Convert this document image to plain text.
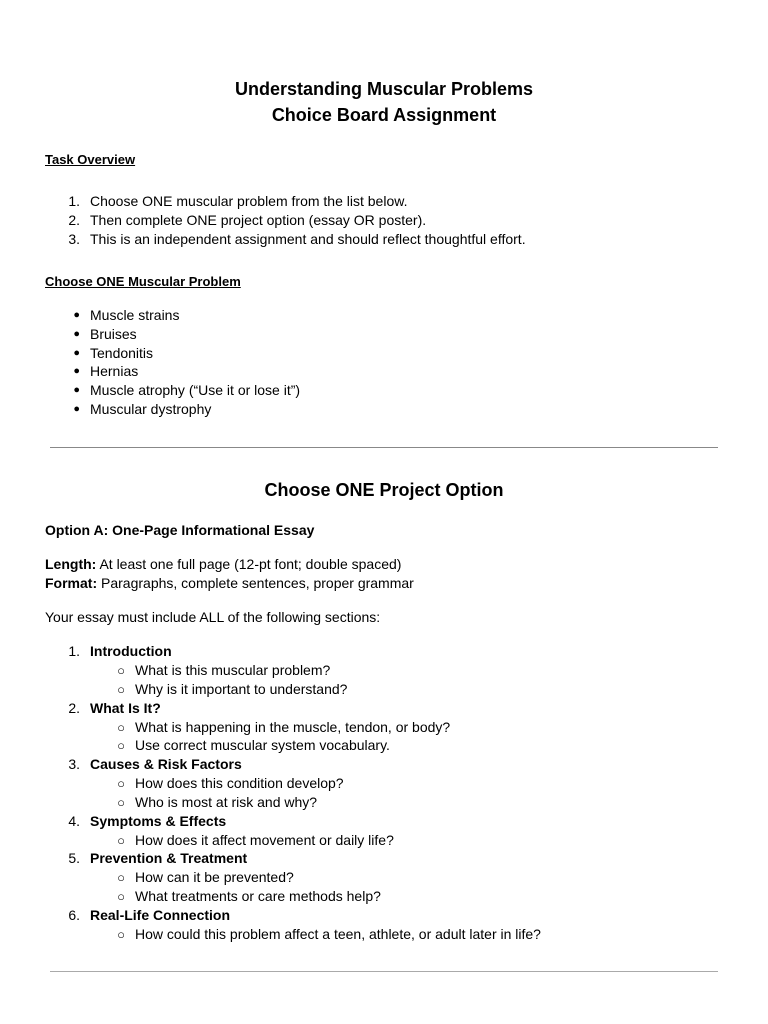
Understanding Muscular Problems
Choice Board Assignment
Task Overview
1. Choose ONE muscular problem from the list below.
2. Then complete ONE project option (essay OR poster).
3. This is an independent assignment and should reflect thoughtful effort.
Choose ONE Muscular Problem
● Muscle strains
● Bruises
● Tendonitis
● Hernias
● Muscle atrophy (“Use it or lose it”)
● Muscular dystrophy
Choose ONE Project Option
Option A: One-Page Informational Essay
Length: At least one full page (12-pt font; double spaced)
Format: Paragraphs, complete sentences, proper grammar
Your essay must include ALL of the following sections:
1. Introduction
○ What is this muscular problem?
○ Why is it important to understand?
2. What Is It?
○ What is happening in the muscle, tendon, or body?
○ Use correct muscular system vocabulary.
3. Causes & Risk Factors
○ How does this condition develop?
○ Who is most at risk and why?
4. Symptoms & Effects
○ How does it affect movement or daily life?
5. Prevention & Treatment
○ How can it be prevented?
○ What treatments or care methods help?
6. Real-Life Connection
○ How could this problem affect a teen, athlete, or adult later in life?
